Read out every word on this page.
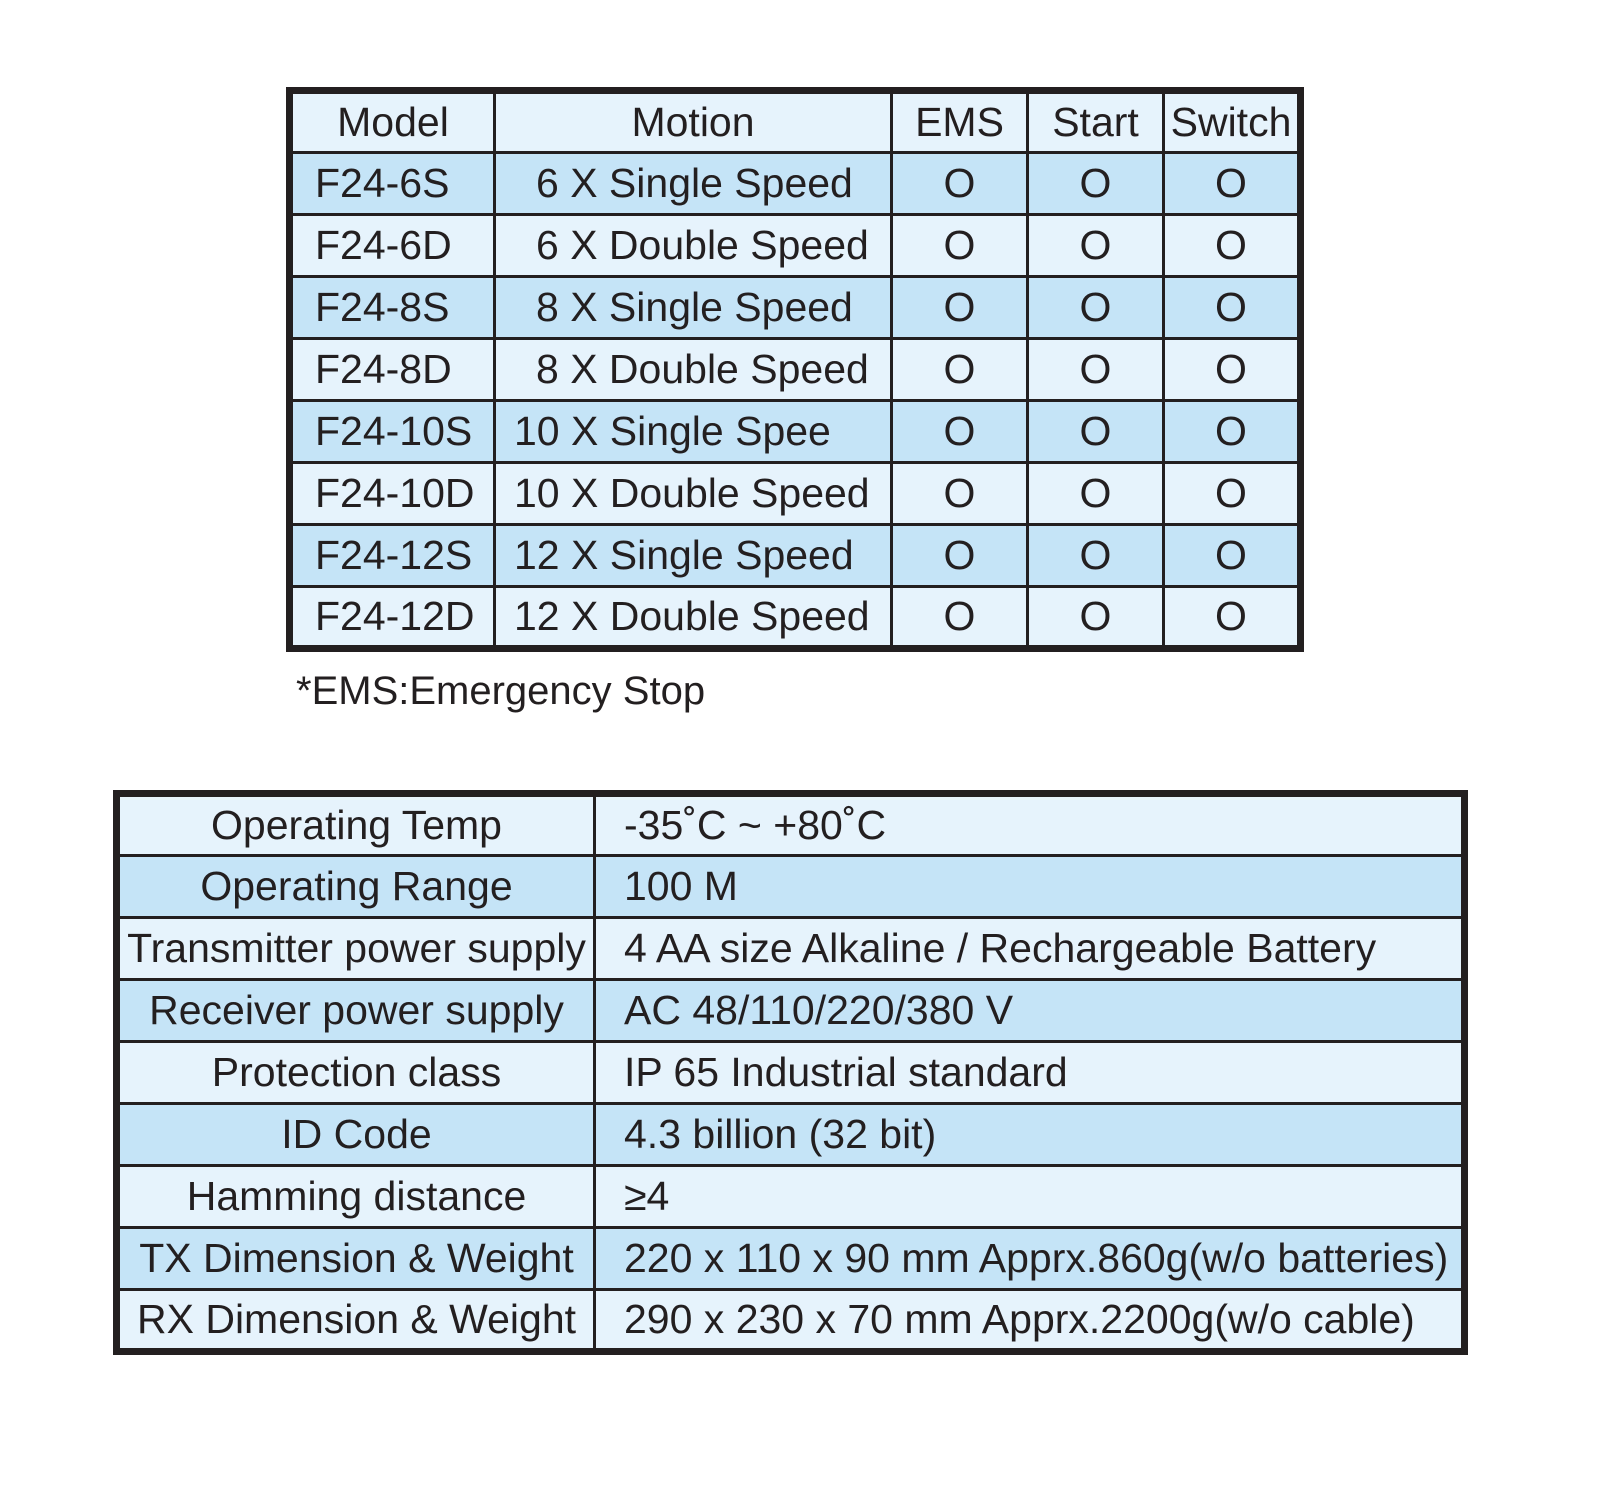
Model	Motion	EMS	Start	Switch
F24-6S	6 X Single Speed	O	O	O
F24-6D	6 X Double Speed	O	O	O
F24-8S	8 X Single Speed	O	O	O
F24-8D	8 X Double Speed	O	O	O
F24-10S	10 X Single Spee	O	O	O
F24-10D	10 X Double Speed	O	O	O
F24-12S	12 X Single Speed	O	O	O
F24-12D	12 X Double Speed	O	O	O
*EMS:Emergency Stop
Operating Temp	-35˚C ~ +80˚C
Operating Range	100 M
Transmitter power supply	4 AA size Alkaline / Rechargeable Battery
Receiver power supply	AC 48/110/220/380 V
Protection class	IP 65 Industrial standard
ID Code	4.3 billion (32 bit)
Hamming distance	≥4
TX Dimension & Weight	220 x 110 x 90 mm Apprx.860g(w/o batteries)
RX Dimension & Weight	290 x 230 x 70 mm Apprx.2200g(w/o cable)
